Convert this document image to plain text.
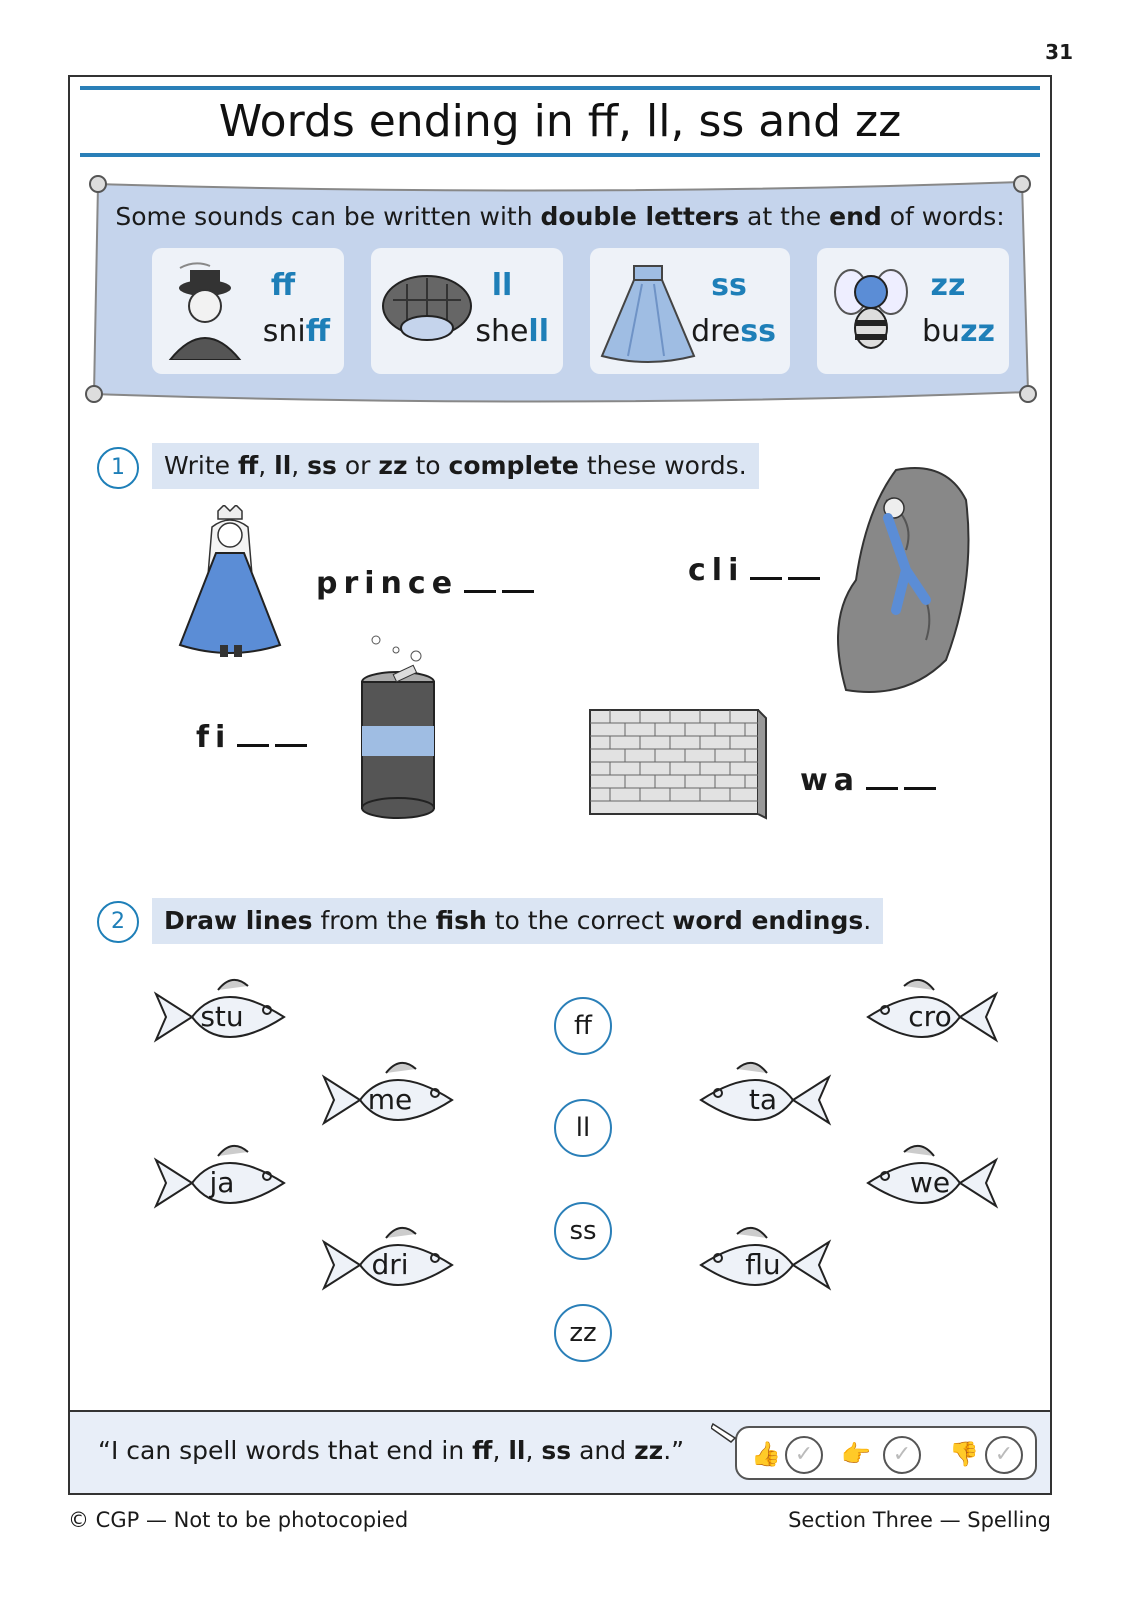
31
Words ending in ff, ll, ss and zz
Some sounds can be written with double letters at the end of words:
ff
sniff
ll
shell
ss
dress
zz
buzz
1	Write ff, ll, ss or zz to complete these words.
prince	cli
fi
wa
2	Draw lines from the fish to the correct word endings.
stu
me
ja
dri
ff
ll
ss
zz
cro
ta
we
flu
“I can spell words that end in ff, ll, ss and zz.”	👍 ✓	👉 ✓	👎 ✓
© CGP — Not to be photocopied	Section Three — Spelling
